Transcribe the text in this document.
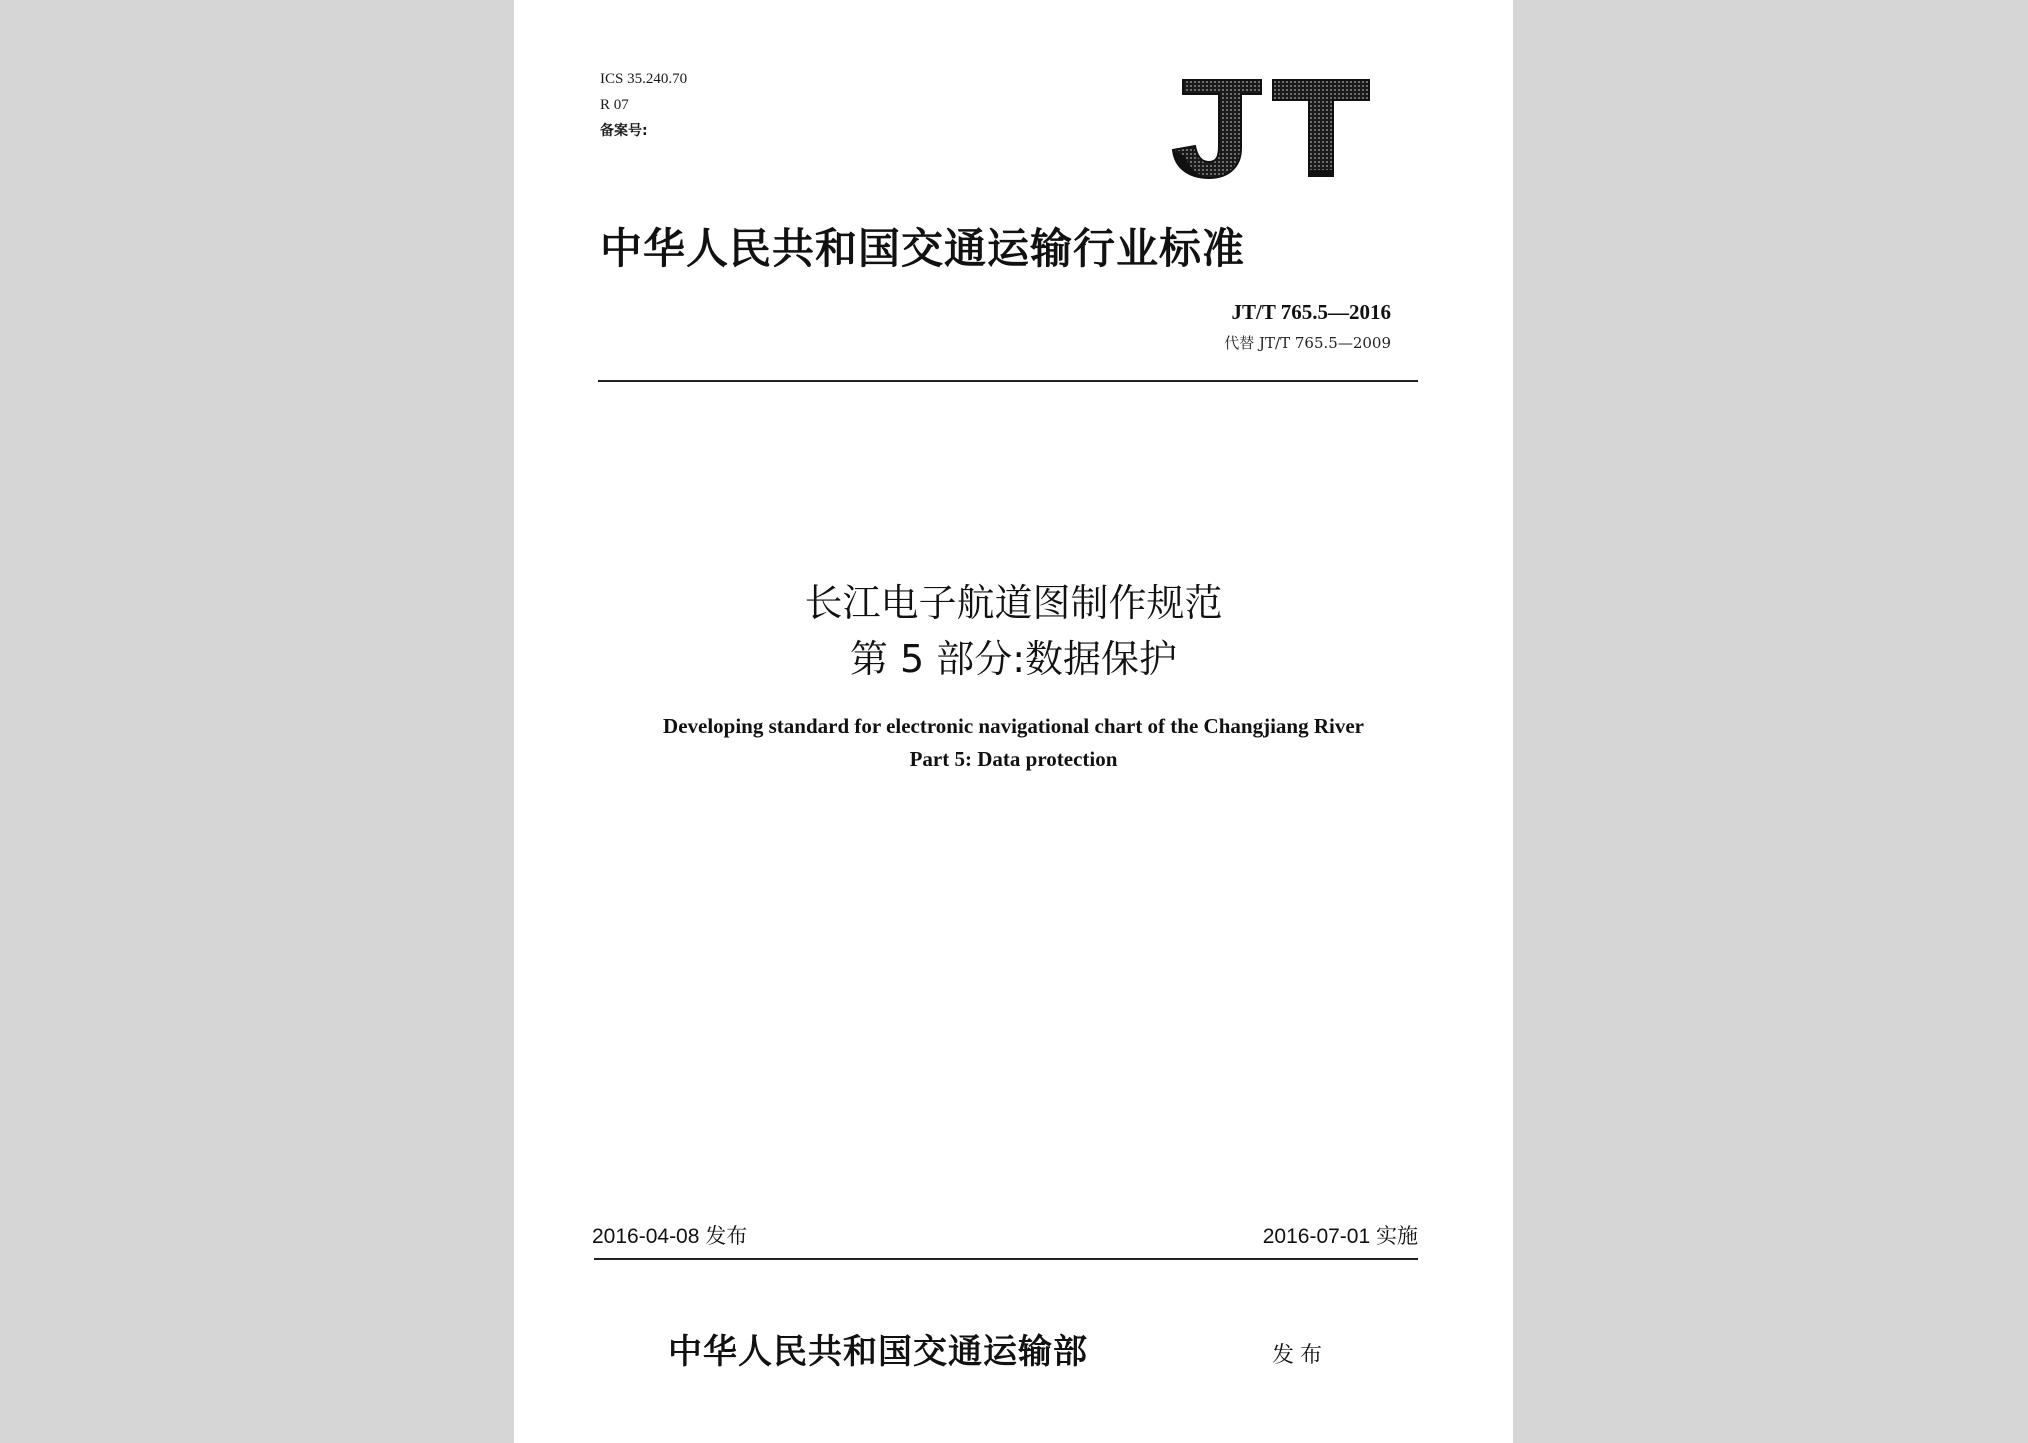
ICS 35.240.70
R 07
备案号:
中华人民共和国交通运输行业标准
JT/T 765.5—2016
代替 JT/T 765.5—2009
长江电子航道图制作规范
第 5 部分:数据保护
Developing standard for electronic navigational chart of the Changjiang River
Part 5: Data protection
2016-04-08 发布	2016-07-01 实施
中华人民共和国交通运输部	发布
